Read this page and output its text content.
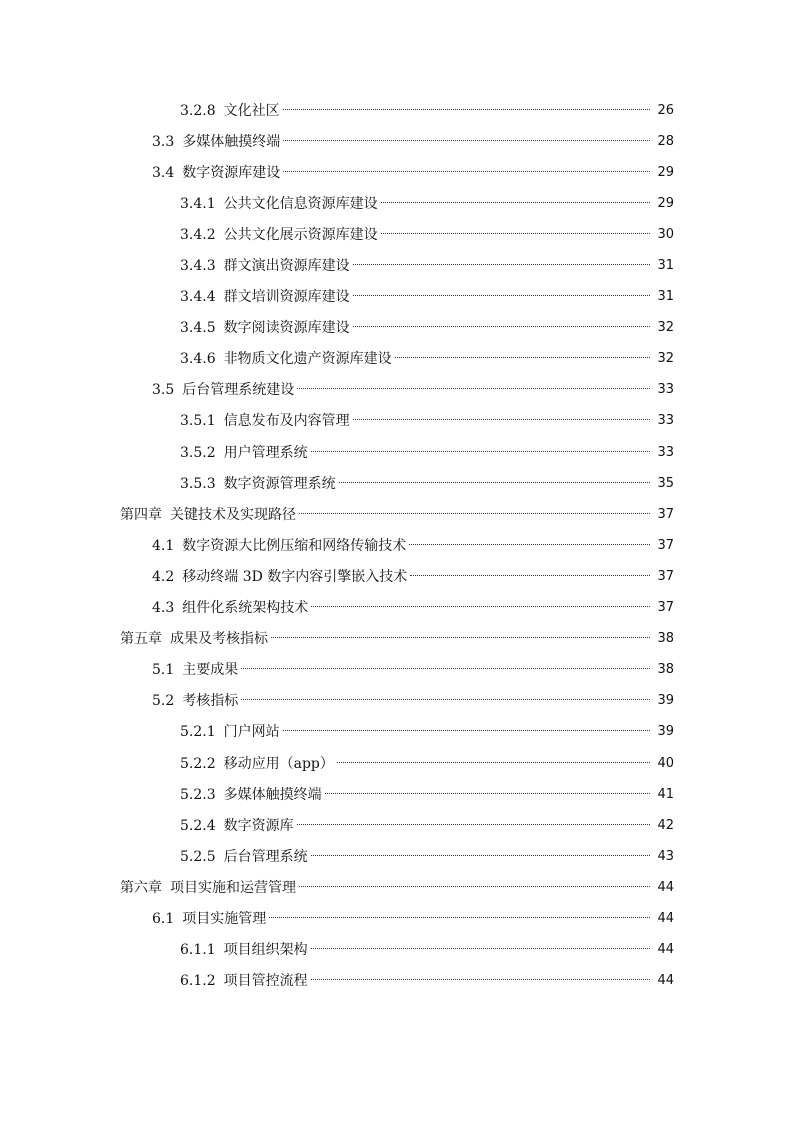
3.2.8 文化社区	26
3.3 多媒体触摸终端	28
3.4 数字资源库建设	29
3.4.1 公共文化信息资源库建设	29
3.4.2 公共文化展示资源库建设	30
3.4.3 群文演出资源库建设	31
3.4.4 群文培训资源库建设	31
3.4.5 数字阅读资源库建设	32
3.4.6 非物质文化遗产资源库建设	32
3.5 后台管理系统建设	33
3.5.1 信息发布及内容管理	33
3.5.2 用户管理系统	33
3.5.3 数字资源管理系统	35
第四章 关键技术及实现路径	37
4.1 数字资源大比例压缩和网络传输技术	37
4.2 移动终端 3D 数字内容引擎嵌入技术	37
4.3 组件化系统架构技术	37
第五章 成果及考核指标	38
5.1 主要成果	38
5.2 考核指标	39
5.2.1 门户网站	39
5.2.2 移动应用（app）	40
5.2.3 多媒体触摸终端	41
5.2.4 数字资源库	42
5.2.5 后台管理系统	43
第六章 项目实施和运营管理	44
6.1 项目实施管理	44
6.1.1 项目组织架构	44
6.1.2 项目管控流程	44
